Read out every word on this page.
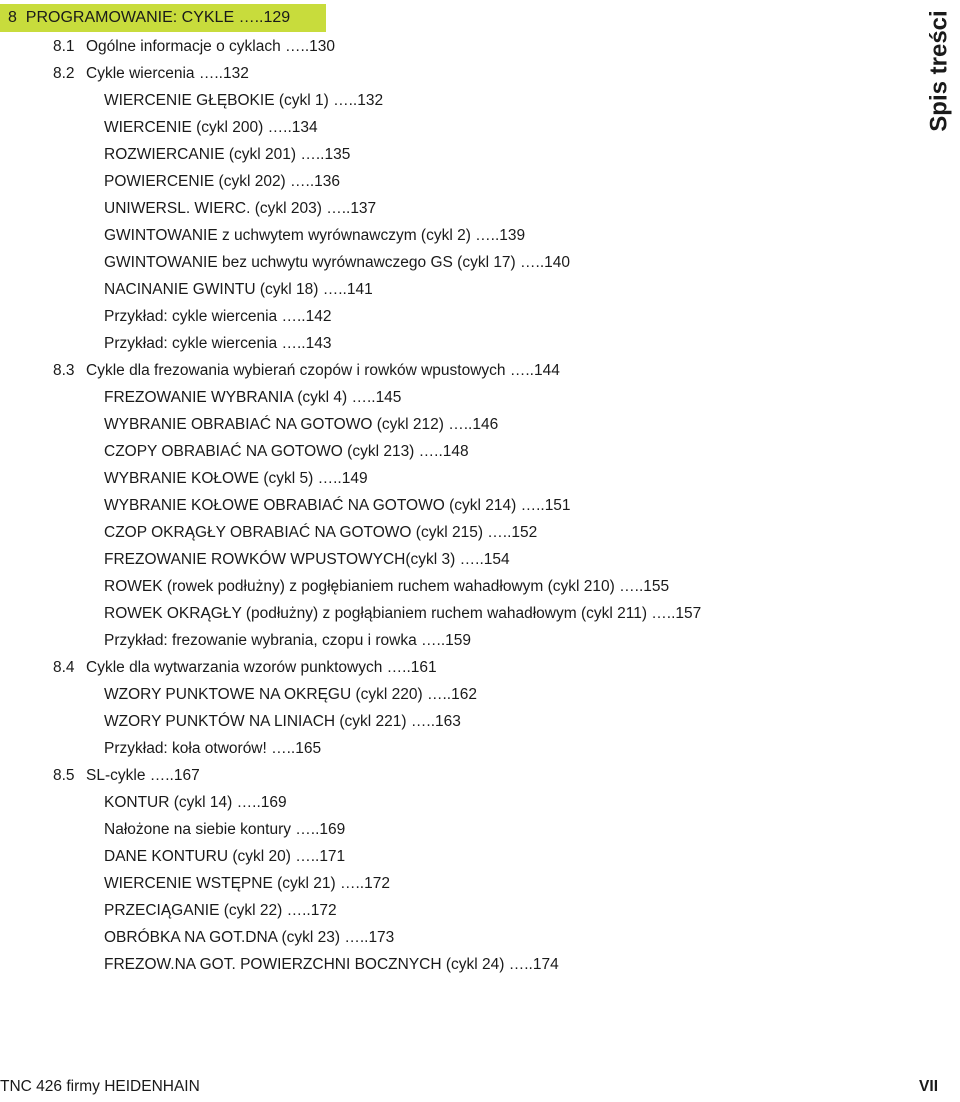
8 PROGRAMOWANIE: CYKLE …..129	Spis treści
8.1 Ogólne informacje o cyklach …..130
8.2 Cykle wiercenia …..132
WIERCENIE GŁĘBOKIE (cykl 1) …..132
WIERCENIE (cykl 200) …..134
ROZWIERCANIE (cykl 201) …..135
POWIERCENIE (cykl 202) …..136
UNIWERSL. WIERC. (cykl 203) …..137
GWINTOWANIE z uchwytem wyrównawczym (cykl 2) …..139
GWINTOWANIE bez uchwytu wyrównawczego GS (cykl 17) …..140
NACINANIE GWINTU (cykl 18) …..141
Przykład: cykle wiercenia …..142
Przykład: cykle wiercenia …..143
8.3 Cykle dla frezowania wybierań czopów i rowków wpustowych …..144
FREZOWANIE WYBRANIA (cykl 4) …..145
WYBRANIE OBRABIAĆ NA GOTOWO (cykl 212) …..146
CZOPY OBRABIAĆ NA GOTOWO (cykl 213) …..148
WYBRANIE KOŁOWE (cykl 5) …..149
WYBRANIE KOŁOWE OBRABIAĆ NA GOTOWO (cykl 214) …..151
CZOP OKRĄGŁY OBRABIAĆ NA GOTOWO (cykl 215) …..152
FREZOWANIE ROWKÓW WPUSTOWYCH(cykl 3) …..154
ROWEK (rowek podłużny) z pogłębianiem ruchem wahadłowym (cykl 210) …..155
ROWEK OKRĄGŁY (podłużny) z pogłąbianiem ruchem wahadłowym (cykl 211) …..157
Przykład: frezowanie wybrania, czopu i rowka …..159
8.4 Cykle dla wytwarzania wzorów punktowych …..161
WZORY PUNKTOWE NA OKRĘGU (cykl 220) …..162
WZORY PUNKTÓW NA LINIACH (cykl 221) …..163
Przykład: koła otworów! …..165
8.5 SL-cykle …..167
KONTUR (cykl 14) …..169
Nałożone na siebie kontury …..169
DANE KONTURU (cykl 20) …..171
WIERCENIE WSTĘPNE (cykl 21) …..172
PRZECIĄGANIE (cykl 22) …..172
OBRÓBKA NA GOT.DNA (cykl 23) …..173
FREZOW.NA GOT. POWIERZCHNI BOCZNYCH (cykl 24) …..174
TNC 426 firmy HEIDENHAIN	VII
